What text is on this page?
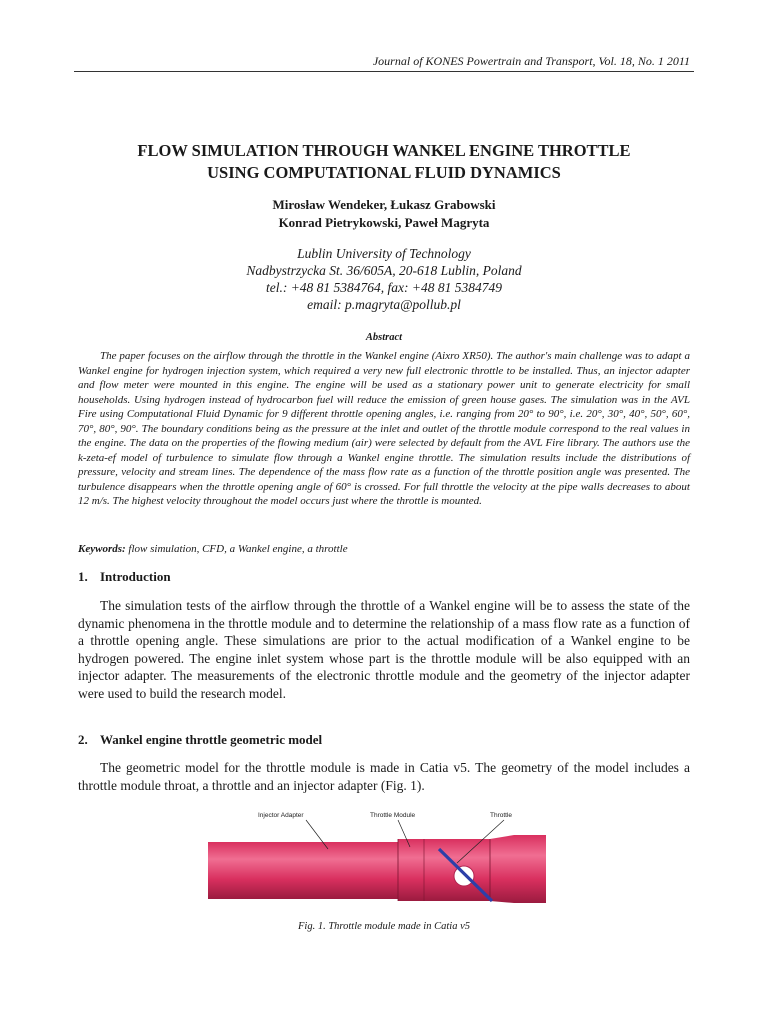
Journal of KONES Powertrain and Transport, Vol. 18, No. 1 2011
FLOW SIMULATION THROUGH WANKEL ENGINE THROTTLE
USING COMPUTATIONAL FLUID DYNAMICS
Mirosław Wendeker, Łukasz Grabowski
Konrad Pietrykowski, Paweł Magryta
Lublin University of Technology
Nadbystrzycka St. 36/605A, 20-618 Lublin, Poland
tel.: +48 81 5384764, fax: +48 81 5384749
email: p.magryta@pollub.pl
Abstract

The paper focuses on the airflow through the throttle in the Wankel engine (Aixro XR50). The author's main challenge was to adapt a Wankel engine for hydrogen injection system, which required a very new full electronic throttle to be installed. Thus, an injector adapter and flow meter were mounted in this engine. The engine will be used as a stationary power unit to generate electricity for small households. Using hydrogen instead of hydrocarbon fuel will reduce the emission of green house gases. The simulation was in the AVL Fire using Computational Fluid Dynamic for 9 different throttle opening angles, i.e. ranging from 20° to 90°, i.e. 20°, 30°, 40°, 50°, 60°, 70°, 80°, 90°. The boundary conditions being as the pressure at the inlet and outlet of the throttle module correspond to the real values in the engine. The data on the properties of the flowing medium (air) were selected by default from the AVL Fire library. The authors use the k-zeta-ef model of turbulence to simulate flow through a Wankel engine throttle. The simulation results include the distributions of pressure, velocity and stream lines. The dependence of the mass flow rate as a function of the throttle position angle was presented. The turbulence disappears when the throttle opening angle of 60° is crossed. For full throttle the velocity at the pipe walls decreases to about 12 m/s. The highest velocity throughout the model occurs just where the throttle is mounted.

Keywords: flow simulation, CFD, a Wankel engine, a throttle
1. Introduction

The simulation tests of the airflow through the throttle of a Wankel engine will be to assess the state of the dynamic phenomena in the throttle module and to determine the relationship of a mass flow rate as a function of a throttle opening angle. These simulations are prior to the actual modification of a Wankel engine to be hydrogen powered. The engine inlet system whose part is the throttle module will be also equipped with an injector adapter. The measurements of the electronic throttle module and the geometry of the injector adapter were used to build the research model.

2. Wankel engine throttle geometric model

The geometric model for the throttle module is made in Catia v5. The geometry of the model includes a throttle module throat, a throttle and an injector adapter (Fig. 1).

Injector Adapter	Throttle Module	Throttle
Fig. 1. Throttle module made in Catia v5
